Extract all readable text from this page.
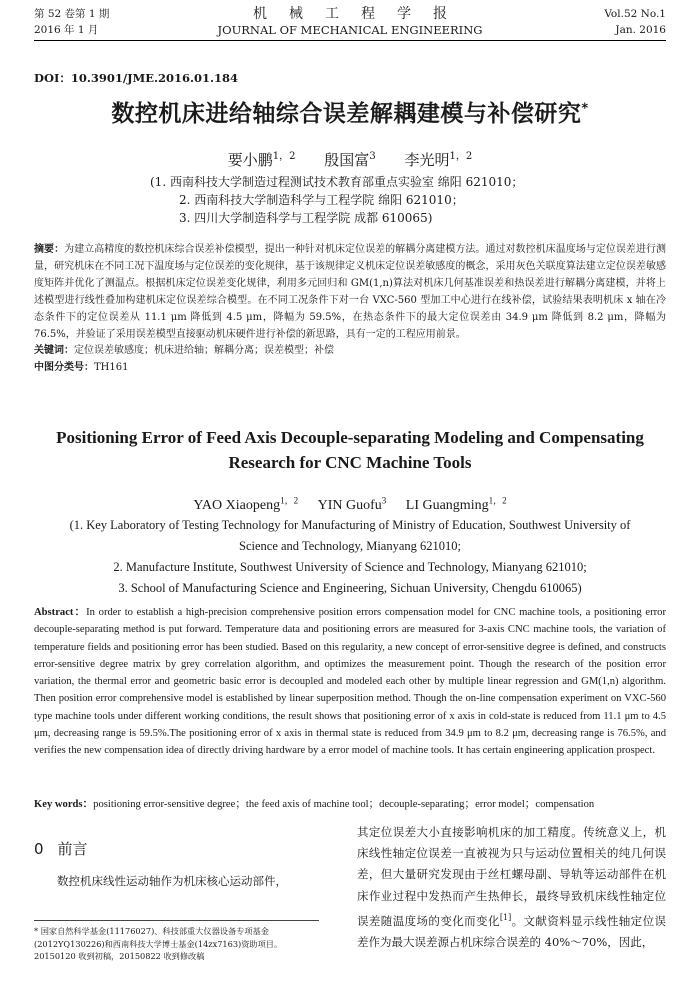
第 52 卷第 1 期
2016 年 1 月
机械工程学报
JOURNAL OF MECHANICAL ENGINEERING
Vol.52 No.1
Jan. 2016
DOI：10.3901/JME.2016.01.184
数控机床进给轴综合误差解耦建模与补偿研究*
要小鹏$^{1,2}$ 殷国富$^3$ 李光明$^{1,2}$
(1. 西南科技大学制造过程测试技术教育部重点实验室 绵阳 621010；
2. 西南科技大学制造科学与工程学院 绵阳 621010；
3. 四川大学制造科学与工程学院 成都 610065)
摘要：为建立高精度的数控机床综合误差补偿模型，提出一种针对机床定位误差的解耦分离建模方法。通过对数控机床温度场与定位误差进行测量，研究机床在不同工况下温度场与定位误差的变化规律，基于该规律定义机床定位误差敏感度的概念，采用灰色关联度算法建立定位误差敏感度矩阵并优化了测温点。根据机床定位误差变化规律，利用多元回归和 GM(1,n)算法对机床几何基准误差和热误差进行解耦分离建模，并将上述模型进行线性叠加构建机床定位误差综合模型。在不同工况条件下对一台 VXC-560 型加工中心进行在线补偿，试验结果表明机床 x 轴在冷态条件下的定位误差从 11.1 μm 降低到 4.5 μm，降幅为 59.5%，在热态条件下的最大定位误差由 34.9 μm 降低到 8.2 μm，降幅为 76.5%，并验证了采用误差模型直接驱动机床硬件进行补偿的新思路，具有一定的工程应用前景。
关键词：定位误差敏感度；机床进给轴；解耦分离；误差模型；补偿
中图分类号：TH161
Positioning Error of Feed Axis Decouple-separating Modeling and Compensating Research for CNC Machine Tools
YAO Xiaopeng$^{1,2}$ YIN Guofu$^3$ LI Guangming$^{1,2}$
(1. Key Laboratory of Testing Technology for Manufacturing of Ministry of Education, Southwest University of Science and Technology, Mianyang 621010;
2. Manufacture Institute, Southwest University of Science and Technology, Mianyang 621010;
3. School of Manufacturing Science and Engineering, Sichuan University, Chengdu 610065)
Abstract：In order to establish a high-precision comprehensive position errors compensation model for CNC machine tools, a positioning error decouple-separating method is put forward. Temperature data and positioning errors are measured for 3-axis CNC machine tools, the variation of temperature fields and positioning error has been studied. Based on this regularity, a new concept of error-sensitive degree is defined, and constructs error-sensitive degree matrix by grey correlation algorithm, and optimizes the measurement point. Though the research of the position error variation, the thermal error and geometric basic error is decoupled and modeled each other by multiple linear regression and GM(1,n) algorithm. Then position error comprehensive model is established by linear superposition method. Though the on-line compensation experiment on VXC-560 type machine tools under different working conditions, the result shows that positioning error of x axis in cold-state is reduced from 11.1 μm to 4.5 μm, decreasing range is 59.5%.The positioning error of x axis in thermal state is reduced from 34.9 μm to 8.2 μm, decreasing range is 76.5%, and verifies the new compensation idea of directly driving hardware by a error model of machine tools. It has certain engineering application prospect.
Key words：positioning error-sensitive degree；the feed axis of machine tool；decouple-separating；error model；compensation
0 前言
数控机床线性运动轴作为机床核心运动部件，
* 国家自然科学基金(11176027)、科技部重大仪器设备专项基金(2012YQ130226)和西南科技大学博士基金(14zx7163)资助项目。20150120 收到初稿，20150822 收到修改稿
其定位误差大小直接影响机床的加工精度。传统意义上，机床线性轴定位误差一直被视为只与运动位置相关的纯几何误差，但大量研究发现由于丝杠螺母副、导轨等运动部件在机床作业过程中发热而产生热伸长，最终导致机床线性轴定位误差随温度场的变化而变化[1]。文献资料显示线性轴定位误差作为最大误差源占机床综合误差的 40%～70%，因此，
